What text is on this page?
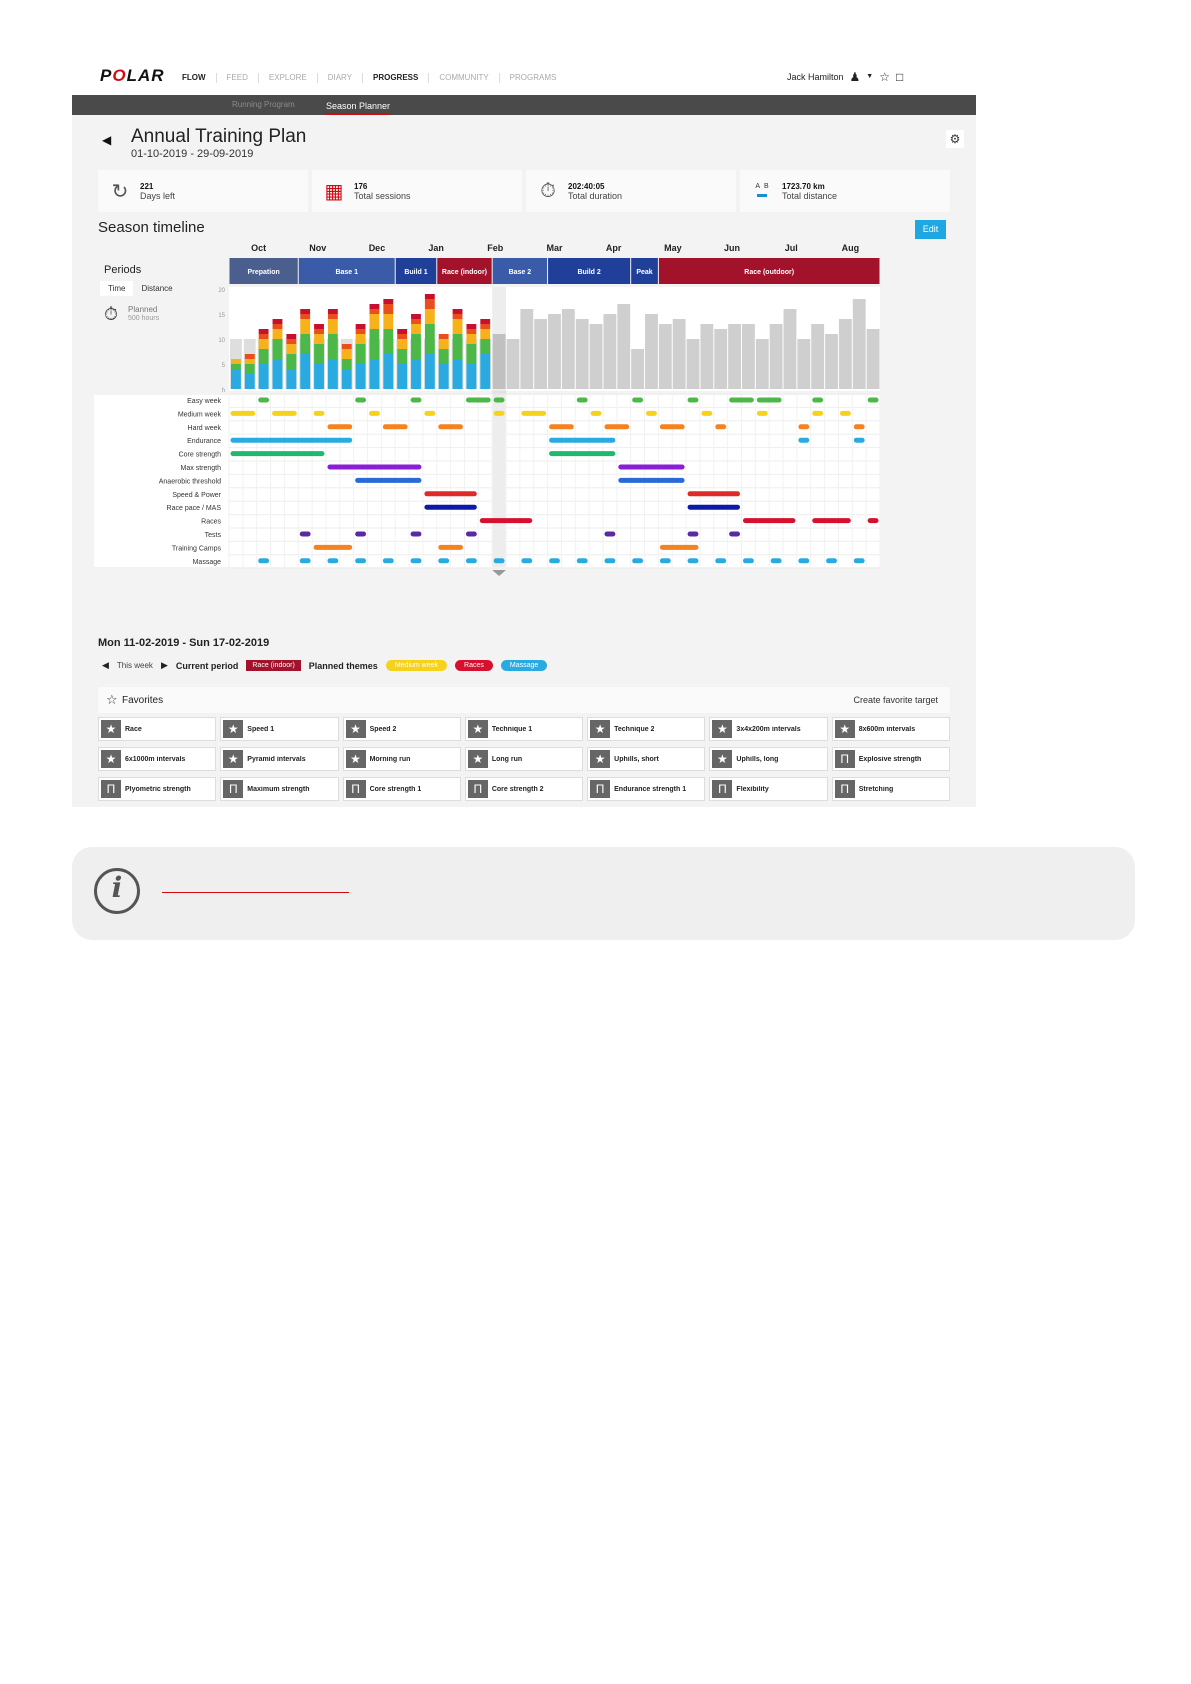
POLAR FLOW	FEED	EXPLORE	DIARY	PROGRESS	COMMUNITY	PROGRAMS	Jack Hamilton ♟ ▼ ☆ □
Running Program	Season Planner
◀ Annual Training Plan
01-10-2019 - 29-09-2019
⚙
↻	221
Days left	▦	176
Total sessions	⏱	202:40:05
Total duration
A B
▬
1723.70 km
Total distance
Season timeline	Edit
Periods
Time	Distance
⏱ Planned
500 hours
Oct	Nov	Dec	Jan	Feb	Mar	Apr	May	Jun	Jul	Aug
Prepation	Base 1	Build 1 Race (indoor)	Base 2	Build 2	Peak	Race (outdoor)
20
15
10
5
h
Easy week
Medium week
Hard week
Endurance
Core strength
Max strength
Anaerobic threshold
Speed & Power
Race pace / MAS
Races
Tests
Training Camps
Massage
Mon 11-02-2019 - Sun 17-02-2019
◀ This week ▶ Current period	Race (indoor)	Planned themes	Medium week	Races	Massage
☆ Favorites	Create favorite target
★	Race	★	Speed 1	★	Speed 2	★	Technique 1	★	Technique 2	★	3x4x200m intervals	★	8x600m intervals
★	6x1000m intervals	★	Pyramid intervals	★	Morning run	★	Long run	★	Uphills, short	★	Uphills, long	Π	Explosive strength
Π	Plyometric strength	Π	Maximum strength	Π	Core strength 1	Π	Core strength 2	Π	Endurance strength 1	Π	Flexibility	Π	Stretching
i
